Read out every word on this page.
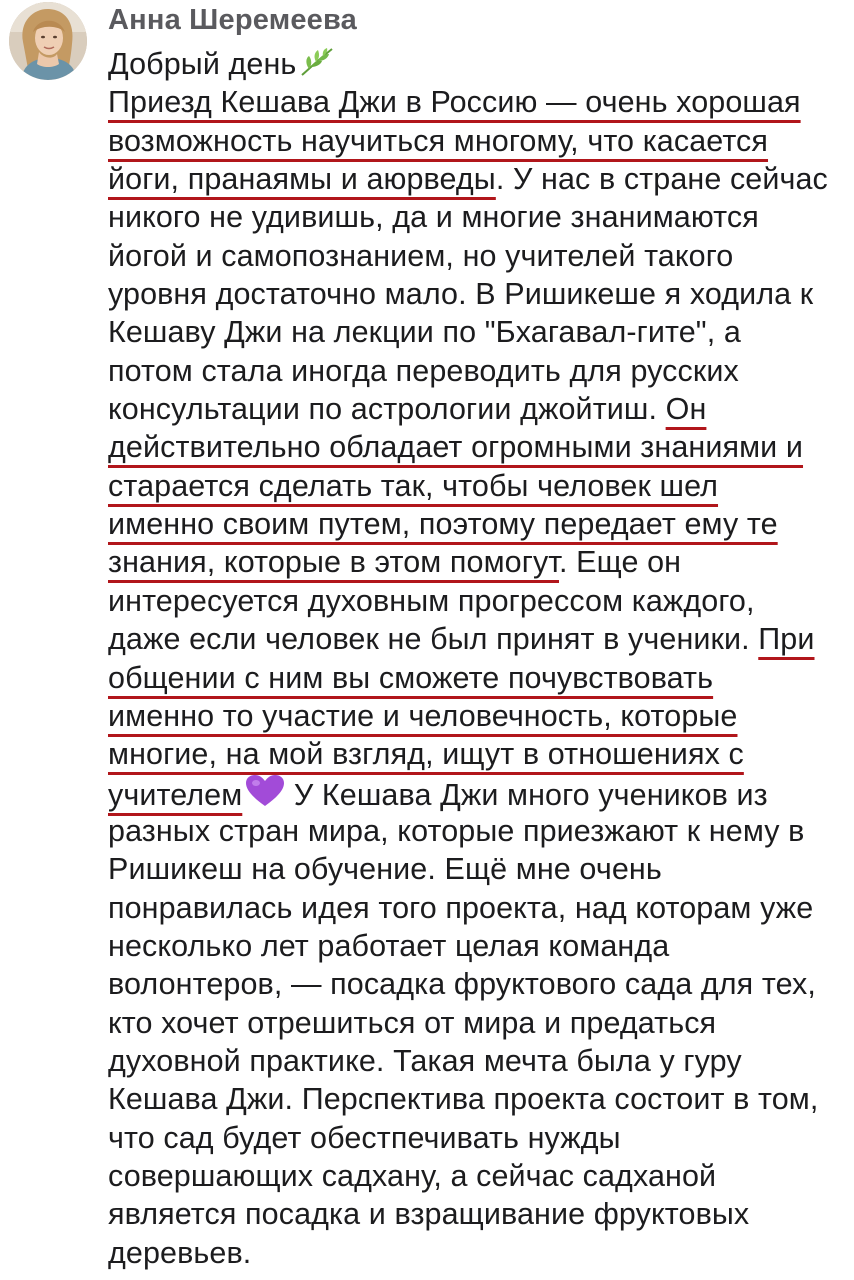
Анна Шеремеева
Добрый день
Приезд Кешава Джи в Россию — очень хорошая
возможность научиться многому, что касается
йоги, пранаямы и аюрведы. У нас в стране сейчас
никого не удивишь, да и многие знанимаются
йогой и самопознанием, но учителей такого
уровня достаточно мало. В Ришикеше я ходила к
Кешаву Джи на лекции по "Бхагавал-гите", а
потом стала иногда переводить для русских
консультации по астрологии джойтиш. Он
действительно обладает огромными знаниями и
старается сделать так, чтобы человек шел
именно своим путем, поэтому передает ему те
знания, которые в этом помогут. Еще он
интересуется духовным прогрессом каждого,
даже если человек не был принят в ученики. При
общении с ним вы сможете почувствовать
именно то участие и человечность, которые
многие, на мой взгляд, ищут в отношениях с
учителем У Кешава Джи много учеников из
разных стран мира, которые приезжают к нему в
Ришикеш на обучение. Ещё мне очень
понравилась идея того проекта, над которам уже
несколько лет работает целая команда
волонтеров, — посадка фруктового сада для тех,
кто хочет отрешиться от мира и предаться
духовной практике. Такая мечта была у гуру
Кешава Джи. Перспектива проекта состоит в том,
что сад будет обестпечивать нужды
совершающих садхану, а сейчас садханой
является посадка и взращивание фруктовых
деревьев.
